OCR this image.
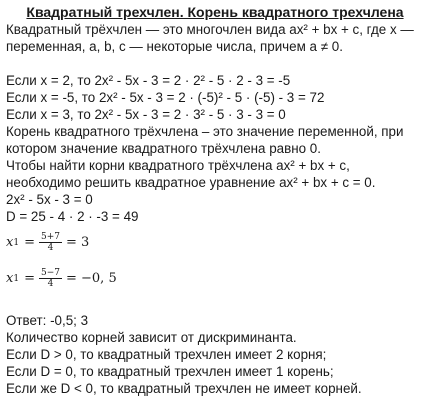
Квадратный трехчлен. Корень квадратного трехчлена
Квадратный трёхчлен — это многочлен вида ax² + bx + c, где x —
переменная, a, b, c — некоторые числа, причем a ≠ 0.
Если x = 2, то 2x² - 5x - 3 = 2 · 2² - 5 · 2 - 3 = -5
Если x = -5, то 2x² - 5x - 3 = 2 · (-5)² - 5 · (-5) - 3 = 72
Если x = 3, то 2x² - 5x - 3 = 2 · 3² - 5 · 3 - 3 = 0
Корень квадратного трёхчлена – это значение переменной, при
котором значение квадратного трёхчлена равно 0.
Чтобы найти корни квадратного трёхчлена ax² + bx + c,
необходимо решить квадратное уравнение ax² + bx + c = 0.
2x² - 5x - 3 = 0
D = 25 - 4 · 2 · -3 = 49
x $1 = \frac{5+7}{4} = 3$
x $1 = \frac{5-7}{4} = -0$, 5
Ответ: -0,5; 3
Количество корней зависит от дискриминанта.
Если D > 0, то квадратный трехчлен имеет 2 корня;
Если D = 0, то квадратный трехчлен имеет 1 корень;
Если же D < 0, то квадратный трехчлен не имеет корней.
